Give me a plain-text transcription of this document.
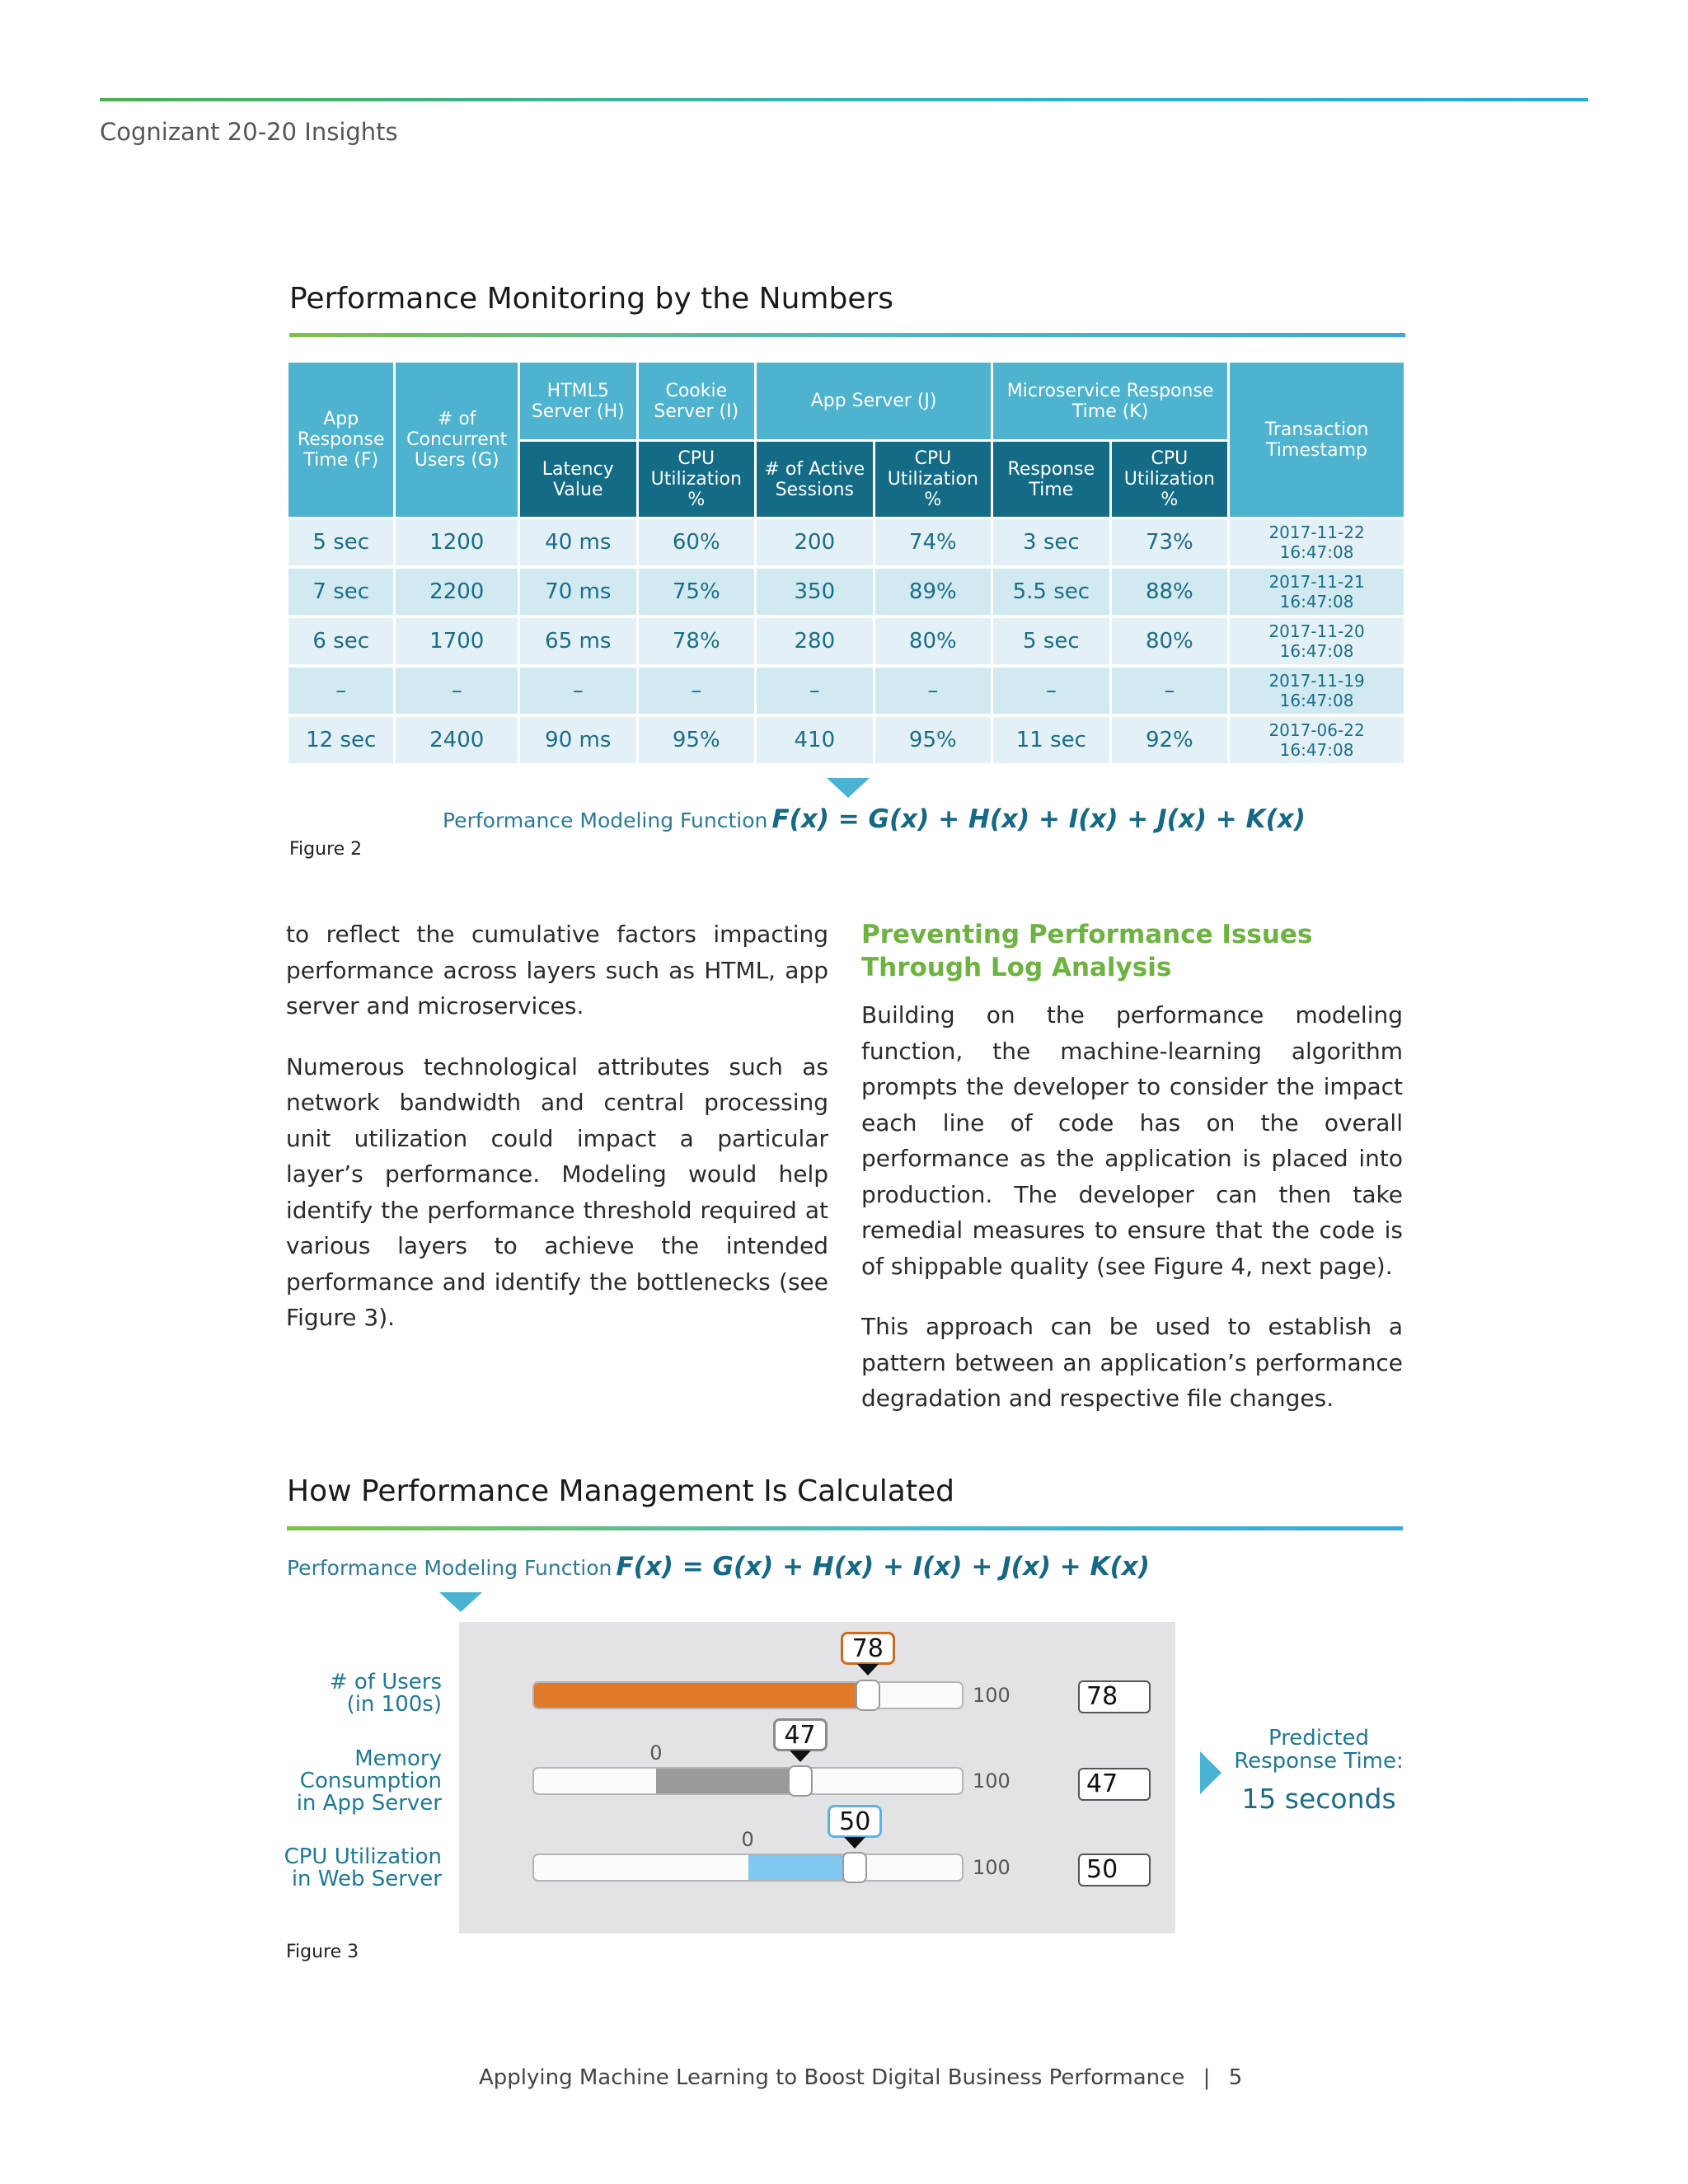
Cognizant 20-20 Insights
Performance Monitoring by the Numbers
App Response Time (F)	# of Concurrent Users (G)	HTML5 Server (H)	Cookie Server (I)	App Server (J)		Microservice Response Time (K)		Transaction Timestamp
		Latency Value	CPU Utilization %	# of Active Sessions	CPU Utilization %	Response Time	CPU Utilization %	
5 sec	1200	40 ms	60%	200	74%	3 sec	73%	2017-11-22 16:47:08
7 sec	2200	70 ms	75%	350	89%	5.5 sec	88%	2017-11-21 16:47:08
6 sec	1700	65 ms	78%	280	80%	5 sec	80%	2017-11-20 16:47:08
–	–	–	–	–	–	–	–	2017-11-19 16:47:08
12 sec	2400	90 ms	95%	410	95%	11 sec	92%	2017-06-22 16:47:08
Performance Modeling Function F(x) = G(x) + H(x) + I(x) + J(x) + K(x)
Figure 2

to reflect the cumulative factors impacting performance across layers such as HTML, app server and microservices.

Numerous technological attributes such as network bandwidth and central processing unit utilization could impact a particular layer’s performance. Modeling would help identify the performance threshold required at various layers to achieve the intended performance and identify the bottlenecks (see Figure 3).

Preventing Performance Issues
Through Log Analysis

Building on the performance modeling function, the machine-learning algorithm prompts the developer to consider the impact each line of code has on the overall performance as the application is placed into production. The developer can then take remedial measures to ensure that the code is of shippable quality (see Figure 4, next page).

This approach can be used to establish a pattern between an application’s performance degradation and respective file changes.

How Performance Management Is Calculated
Performance Modeling Function F(x) = G(x) + H(x) + I(x) + J(x) + K(x)
# of Users
(in 100s)
Memory
Consumption
in App Server
CPU Utilization
in Web Server
100
78
78
0
100
47
47
0
100
50
50
Predicted
Response Time:
15 seconds
Figure 3
Applying Machine Learning to Boost Digital Business Performance | 5
